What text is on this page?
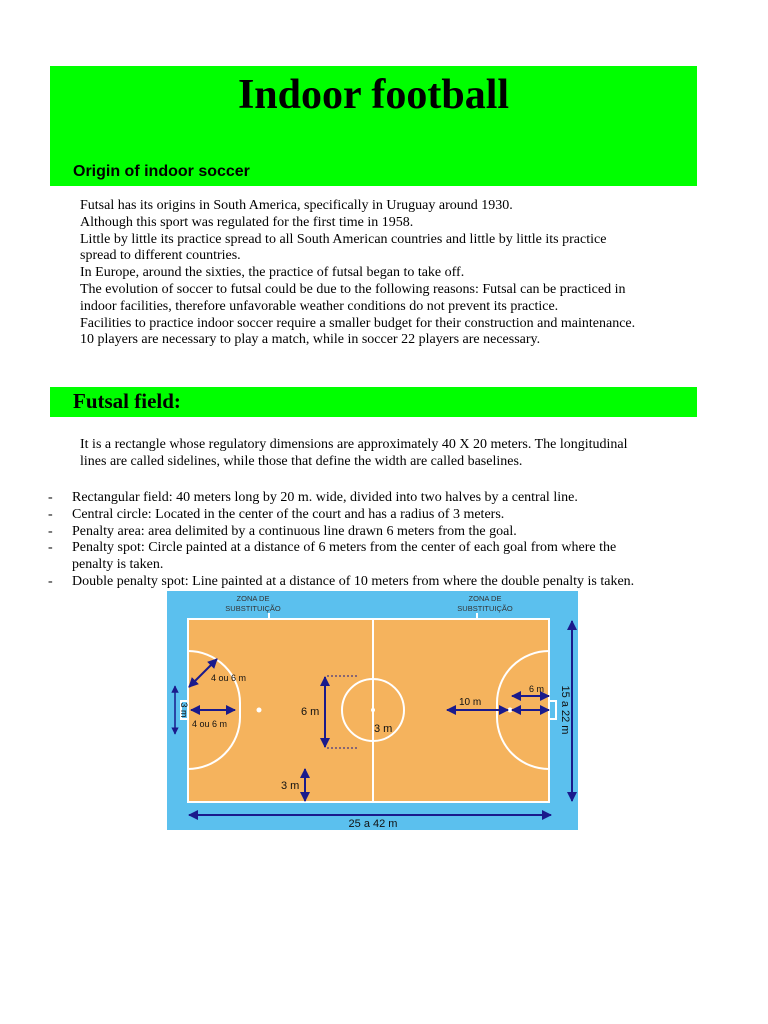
Indoor football
Origin of indoor soccer
Futsal has its origins in South America, specifically in Uruguay around 1930.
Although this sport was regulated for the first time in 1958.
Little by little its practice spread to all South American countries and little by little its practice
spread to different countries.
In Europe, around the sixties, the practice of futsal began to take off.
The evolution of soccer to futsal could be due to the following reasons: Futsal can be practiced in
indoor facilities, therefore unfavorable weather conditions do not prevent its practice.
Facilities to practice indoor soccer require a smaller budget for their construction and maintenance.
10 players are necessary to play a match, while in soccer 22 players are necessary.
Futsal field:
It is a rectangle whose regulatory dimensions are approximately 40 X 20 meters. The longitudinal
lines are called sidelines, while those that define the width are called baselines.
- Rectangular field: 40 meters long by 20 m. wide, divided into two halves by a central line.
- Central circle: Located in the center of the court and has a radius of 3 meters.
- Penalty area: area delimited by a continuous line drawn 6 meters from the goal.
- Penalty spot: Circle painted at a distance of 6 meters from the center of each goal from where the
penalty is taken.
- Double penalty spot: Line painted at a distance of 10 meters from where the double penalty is taken.
ZONA DE
SUBSTITUIÇÃO
ZONA DE
SUBSTITUIÇÃO
4 ou 6 m
3 m
4 ou 6 m
6 m
3 m
3 m
10 m
6 m 15 a 22 m
25 a 42 m
